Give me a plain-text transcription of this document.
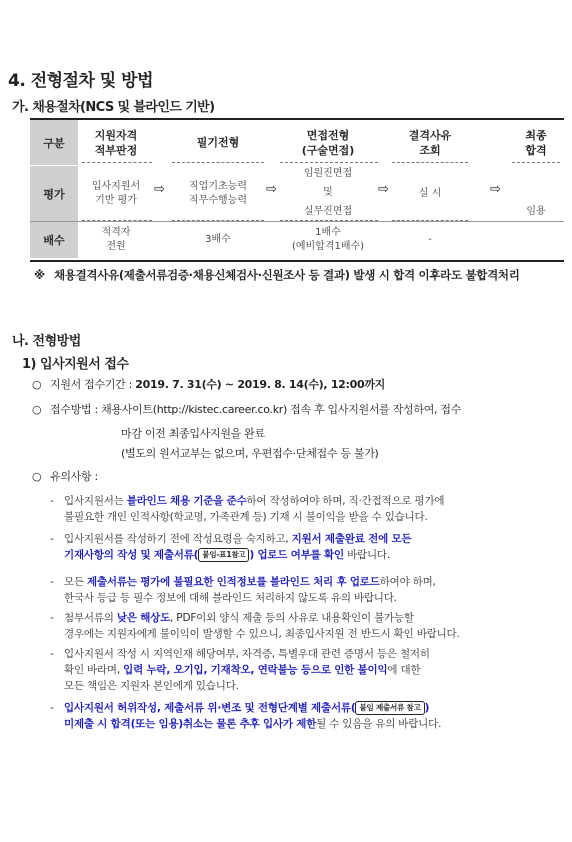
4. 전형절차 및 방법
가. 채용절차(NCS 및 블라인드 기반)
구분
평가
배수
지원자격
적부판정
필기전형
면접전형
(구술면접)
결격사유
조회
최종
합격
입사지원서
기반 평가
⇨ 직업기초능력
직무수행능력
⇨
임원진면접
및
실무진면접
⇨	실 시	⇨
임용
적격자
전원
3배수
1배수
(예비합격1배수)
-
※ 채용결격사유(제출서류검증·채용신체검사·신원조사 등 결과) 발생 시 합격 이후라도 불합격처리
나. 전형방법
1) 입사지원서 접수
○ 지원서 접수기간 : 2019. 7. 31(수) ~ 2019. 8. 14(수), 12:00까지
○ 접수방법 : 채용사이트(http://kistec.career.co.kr) 접속 후 입사지원서를 작성하여, 접수
마감 이전 최종입사지원을 완료
(별도의 원서교부는 없으며, 우편접수·단체접수 등 불가)
○ 유의사항 :
- 입사지원서는 블라인드 채용 기준을 준수하여 작성하여야 하며, 직·간접적으로 평가에
불필요한 개인 인적사항(학교명, 가족관계 등) 기재 시 불이익을 받을 수 있습니다.
- 입사지원서를 작성하기 전에 작성요령을 숙지하고, 지원서 제출완료 전에 모든
기재사항의 작성 및 제출서류( 붙임-표1참고 ) 업로드 여부를 확인 바랍니다.
- 모든 제출서류는 평가에 불필요한 인적정보를 블라인드 처리 후 업로드하여야 하며,
한국사 등급 등 필수 정보에 대해 블라인드 처리하지 않도록 유의 바랍니다.
- 첨부서류의 낮은 해상도, PDF이외 양식 제출 등의 사유로 내용확인이 불가능할
경우에는 지원자에게 불이익이 발생할 수 있으니, 최종입사지원 전 반드시 확인 바랍니다.
- 입사지원서 작성 시 지역인재 해당여부, 자격증, 특별우대 관련 증명서 등은 철저히
확인 바라며, 입력 누락, 오기입, 기재착오, 연락불능 등으로 인한 불이익에 대한
모든 책임은 지원자 본인에게 있습니다.
- 입사지원서 허위작성, 제출서류 위·변조 및 전형단계별 제출서류( 붙임 제출서류 참고 )
미제출 시 합격(또는 임용)취소는 물론 추후 입사가 제한될 수 있음을 유의 바랍니다.
